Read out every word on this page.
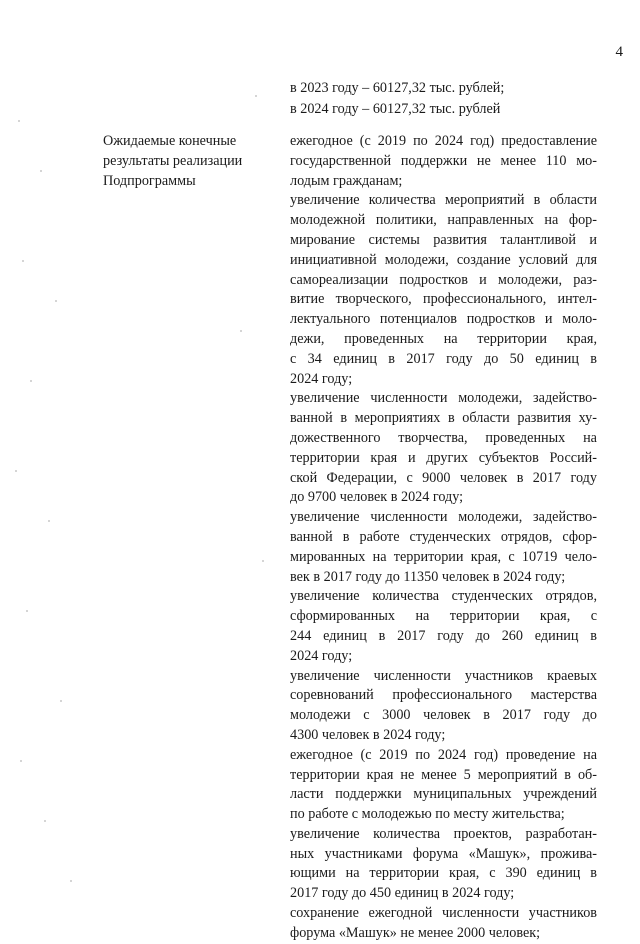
4
в 2023 году – 60127,32 тыс. рублей;
в 2024 году – 60127,32 тыс. рублей
Ожидаемые конечные
результаты реализации
Подпрограммы
ежегодное (с 2019 по 2024 год) предоставление
государственной поддержки не менее 110 мо-
лодым гражданам;
увеличение количества мероприятий в области
молодежной политики, направленных на фор-
мирование системы развития талантливой и
инициативной молодежи, создание условий для
самореализации подростков и молодежи, раз-
витие творческого, профессионального, интел-
лектуального потенциалов подростков и моло-
дежи, проведенных на территории края,
с 34 единиц в 2017 году до 50 единиц в
2024 году;
увеличение численности молодежи, задейство-
ванной в мероприятиях в области развития ху-
дожественного творчества, проведенных на
территории края и других субъектов Россий-
ской Федерации, с 9000 человек в 2017 году
до 9700 человек в 2024 году;
увеличение численности молодежи, задейство-
ванной в работе студенческих отрядов, сфор-
мированных на территории края, с 10719 чело-
век в 2017 году до 11350 человек в 2024 году;
увеличение количества студенческих отрядов,
сформированных на территории края, с
244 единиц в 2017 году до 260 единиц в
2024 году;
увеличение численности участников краевых
соревнований профессионального мастерства
молодежи с 3000 человек в 2017 году до
4300 человек в 2024 году;
ежегодное (с 2019 по 2024 год) проведение на
территории края не менее 5 мероприятий в об-
ласти поддержки муниципальных учреждений
по работе с молодежью по месту жительства;
увеличение количества проектов, разработан-
ных участниками форума «Машук», прожива-
ющими на территории края, с 390 единиц в
2017 году до 450 единиц в 2024 году;
сохранение ежегодной численности участников
форума «Машук» не менее 2000 человек;
